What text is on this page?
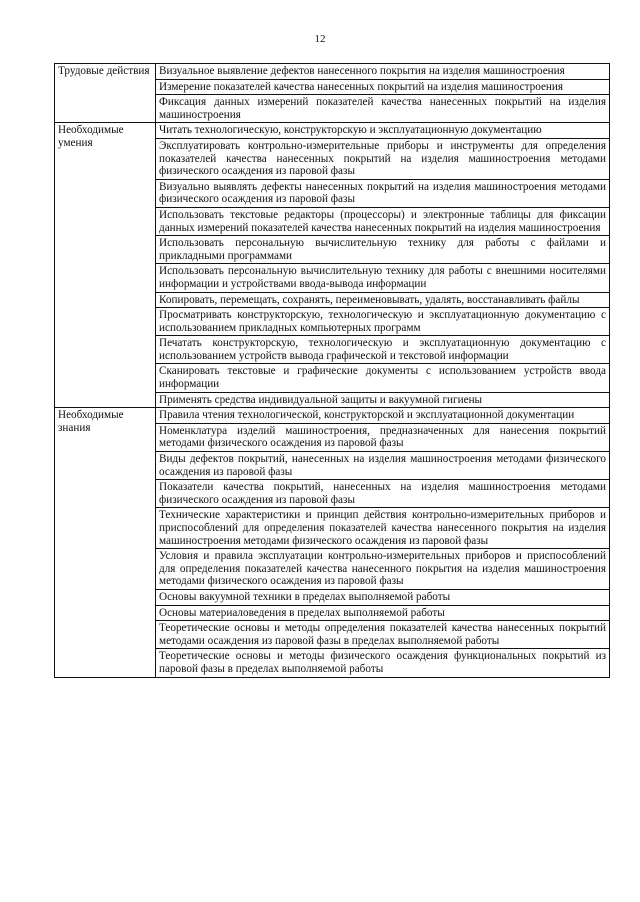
12
Трудовые действия	Визуальное выявление дефектов нанесенного покрытия на изделия машиностроения
	Измерение показателей качества нанесенных покрытий на изделия машиностроения
	Фиксация данных измерений показателей качества нанесенных покрытий на изделия машиностроения
Необходимые умения	Читать технологическую, конструкторскую и эксплуатационную документацию
	Эксплуатировать контрольно-измерительные приборы и инструменты для определения показателей качества нанесенных покрытий на изделия машиностроения методами физического осаждения из паровой фазы
	Визуально выявлять дефекты нанесенных покрытий на изделия машиностроения методами физического осаждения из паровой фазы
	Использовать текстовые редакторы (процессоры) и электронные таблицы для фиксации данных измерений показателей качества нанесенных покрытий на изделия машиностроения
	Использовать персональную вычислительную технику для работы с файлами и прикладными программами
	Использовать персональную вычислительную технику для работы с внешними носителями информации и устройствами ввода-вывода информации
	Копировать, перемещать, сохранять, переименовывать, удалять, восстанавливать файлы
	Просматривать конструкторскую, технологическую и эксплуатационную документацию с использованием прикладных компьютерных программ
	Печатать конструкторскую, технологическую и эксплуатационную документацию с использованием устройств вывода графической и текстовой информации
	Сканировать текстовые и графические документы с использованием устройств ввода информации
	Применять средства индивидуальной защиты и вакуумной гигиены
Необходимые знания	Правила чтения технологической, конструкторской и эксплуатационной документации
	Номенклатура изделий машиностроения, предназначенных для нанесения покрытий методами физического осаждения из паровой фазы
	Виды дефектов покрытий, нанесенных на изделия машиностроения методами физического осаждения из паровой фазы
	Показатели качества покрытий, нанесенных на изделия машиностроения методами физического осаждения из паровой фазы
	Технические характеристики и принцип действия контрольно-измерительных приборов и приспособлений для определения показателей качества нанесенного покрытия на изделия машиностроения методами физического осаждения из паровой фазы
	Условия и правила эксплуатации контрольно-измерительных приборов и приспособлений для определения показателей качества нанесенного покрытия на изделия машиностроения методами физического осаждения из паровой фазы
	Основы вакуумной техники в пределах выполняемой работы
	Основы материаловедения в пределах выполняемой работы
	Теоретические основы и методы определения показателей качества нанесенных покрытий методами осаждения из паровой фазы в пределах выполняемой работы
	Теоретические основы и методы физического осаждения функциональных покрытий из паровой фазы в пределах выполняемой работы
